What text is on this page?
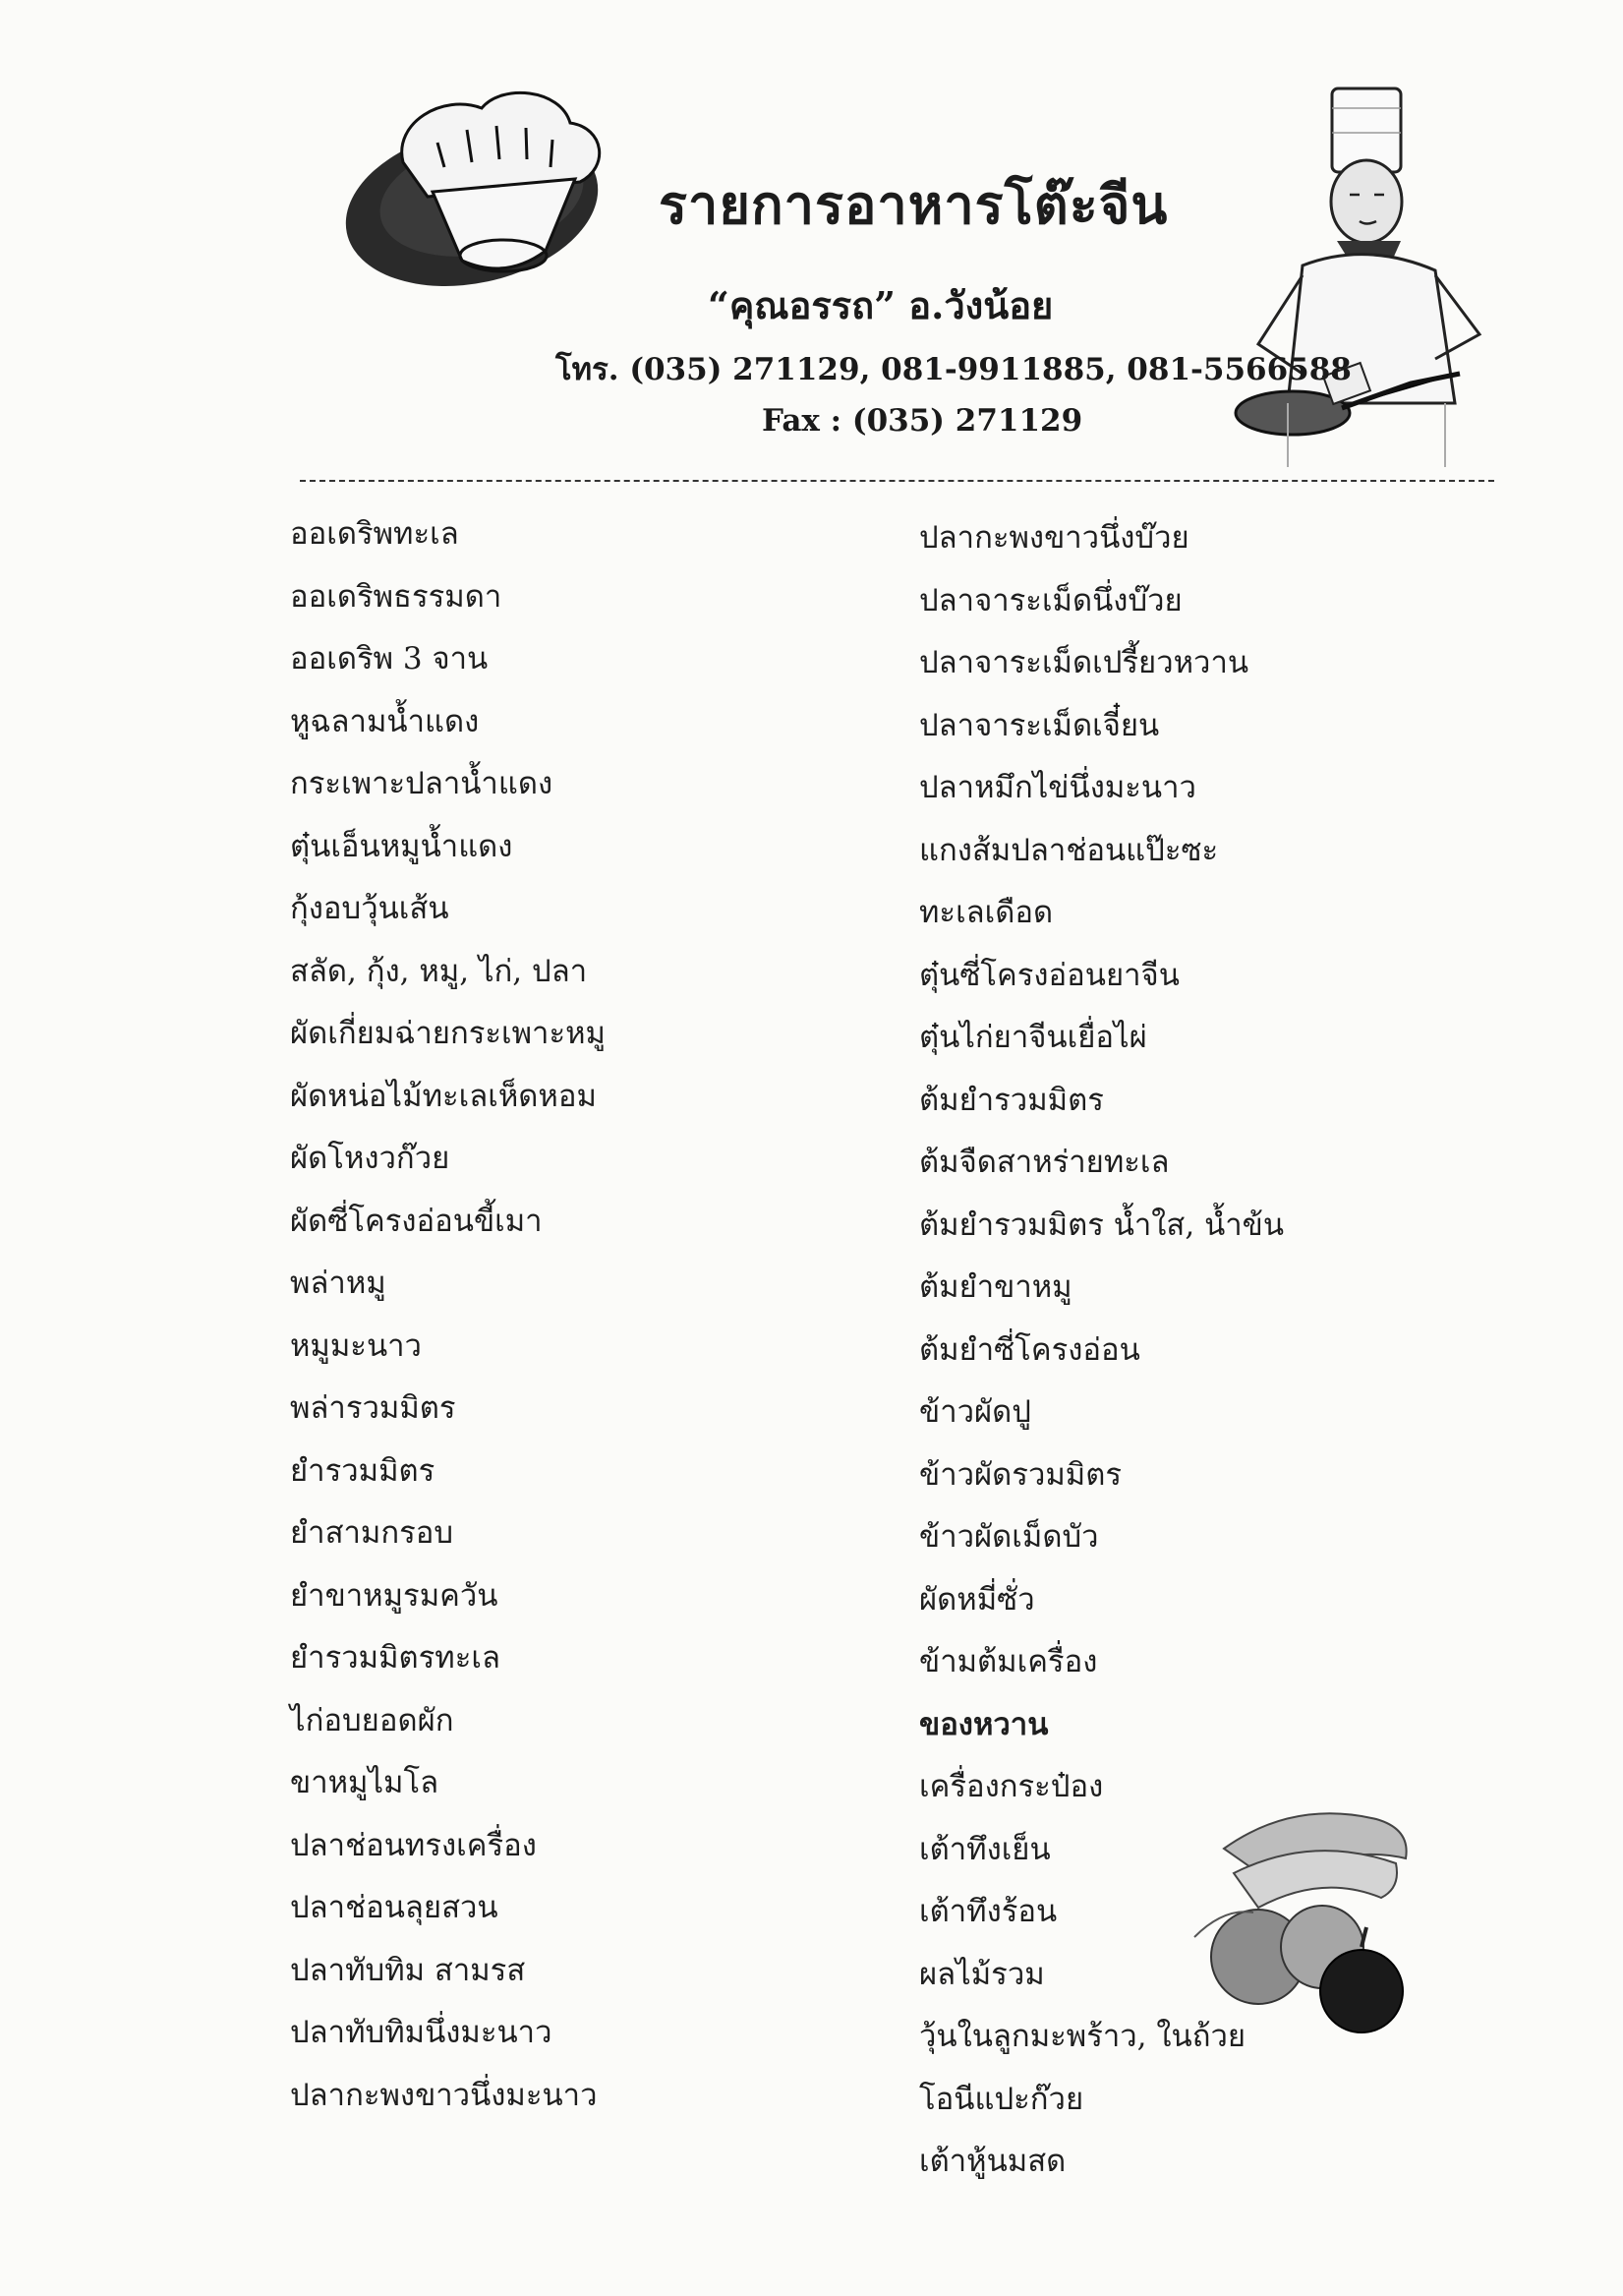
รายการอาหารโต๊ะจีน
“คุณอรรถ” อ.วังน้อย
โทร. (035) 271129, 081-9911885, 081-5566588
Fax : (035) 271129
ออเดริพทะเล
ออเดริพธรรมดา
ออเดริพ 3 จาน
หูฉลามน้ำแดง
กระเพาะปลาน้ำแดง
ตุ๋นเอ็นหมูน้ำแดง
กุ้งอบวุ้นเส้น
สลัด, กุ้ง, หมู, ไก่, ปลา
ผัดเกี่ยมฉ่ายกระเพาะหมู
ผัดหน่อไม้ทะเลเห็ดหอม
ผัดโหงวก๊วย
ผัดซี่โครงอ่อนขี้เมา
พล่าหมู
หมูมะนาว
พล่ารวมมิตร
ยำรวมมิตร
ยำสามกรอบ
ยำขาหมูรมควัน
ยำรวมมิตรทะเล
ไก่อบยอดผัก
ขาหมูไมโล
ปลาช่อนทรงเครื่อง
ปลาช่อนลุยสวน
ปลาทับทิม สามรส
ปลาทับทิมนึ่งมะนาว
ปลากะพงขาวนึ่งมะนาว
ปลากะพงขาวนึ่งบ๊วย
ปลาจาระเม็ดนึ่งบ๊วย
ปลาจาระเม็ดเปรี้ยวหวาน
ปลาจาระเม็ดเจี๋ยน
ปลาหมึกไข่นึ่งมะนาว
แกงส้มปลาช่อนแป๊ะซะ
ทะเลเดือด
ตุ๋นซี่โครงอ่อนยาจีน
ตุ๋นไก่ยาจีนเยื่อไผ่
ต้มยำรวมมิตร
ต้มจืดสาหร่ายทะเล
ต้มยำรวมมิตร น้ำใส, น้ำข้น
ต้มยำขาหมู
ต้มยำซี่โครงอ่อน
ข้าวผัดปู
ข้าวผัดรวมมิตร
ข้าวผัดเม็ดบัว
ผัดหมี่ซั่ว
ข้ามต้มเครื่อง
ของหวาน
เครื่องกระป๋อง
เต้าทึงเย็น
เต้าทึงร้อน
ผลไม้รวม
วุ้นในลูกมะพร้าว, ในถ้วย
โอนีแปะก๊วย
เต้าหู้นมสด
